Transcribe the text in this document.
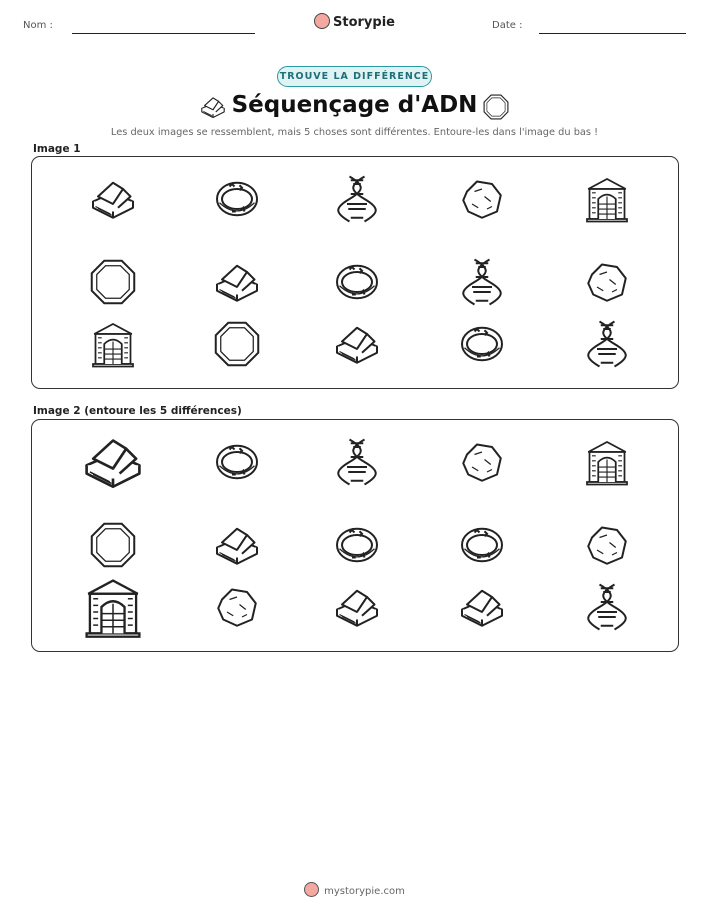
Nom :	Storypie	Date :
TROUVE LA DIFFÉRENCE
Séquençage d'ADN
Les deux images se ressemblent, mais 5 choses sont différentes. Entoure-les dans l'image du bas !
Image 1
Image 2 (entoure les 5 différences)
mystorypie.com
